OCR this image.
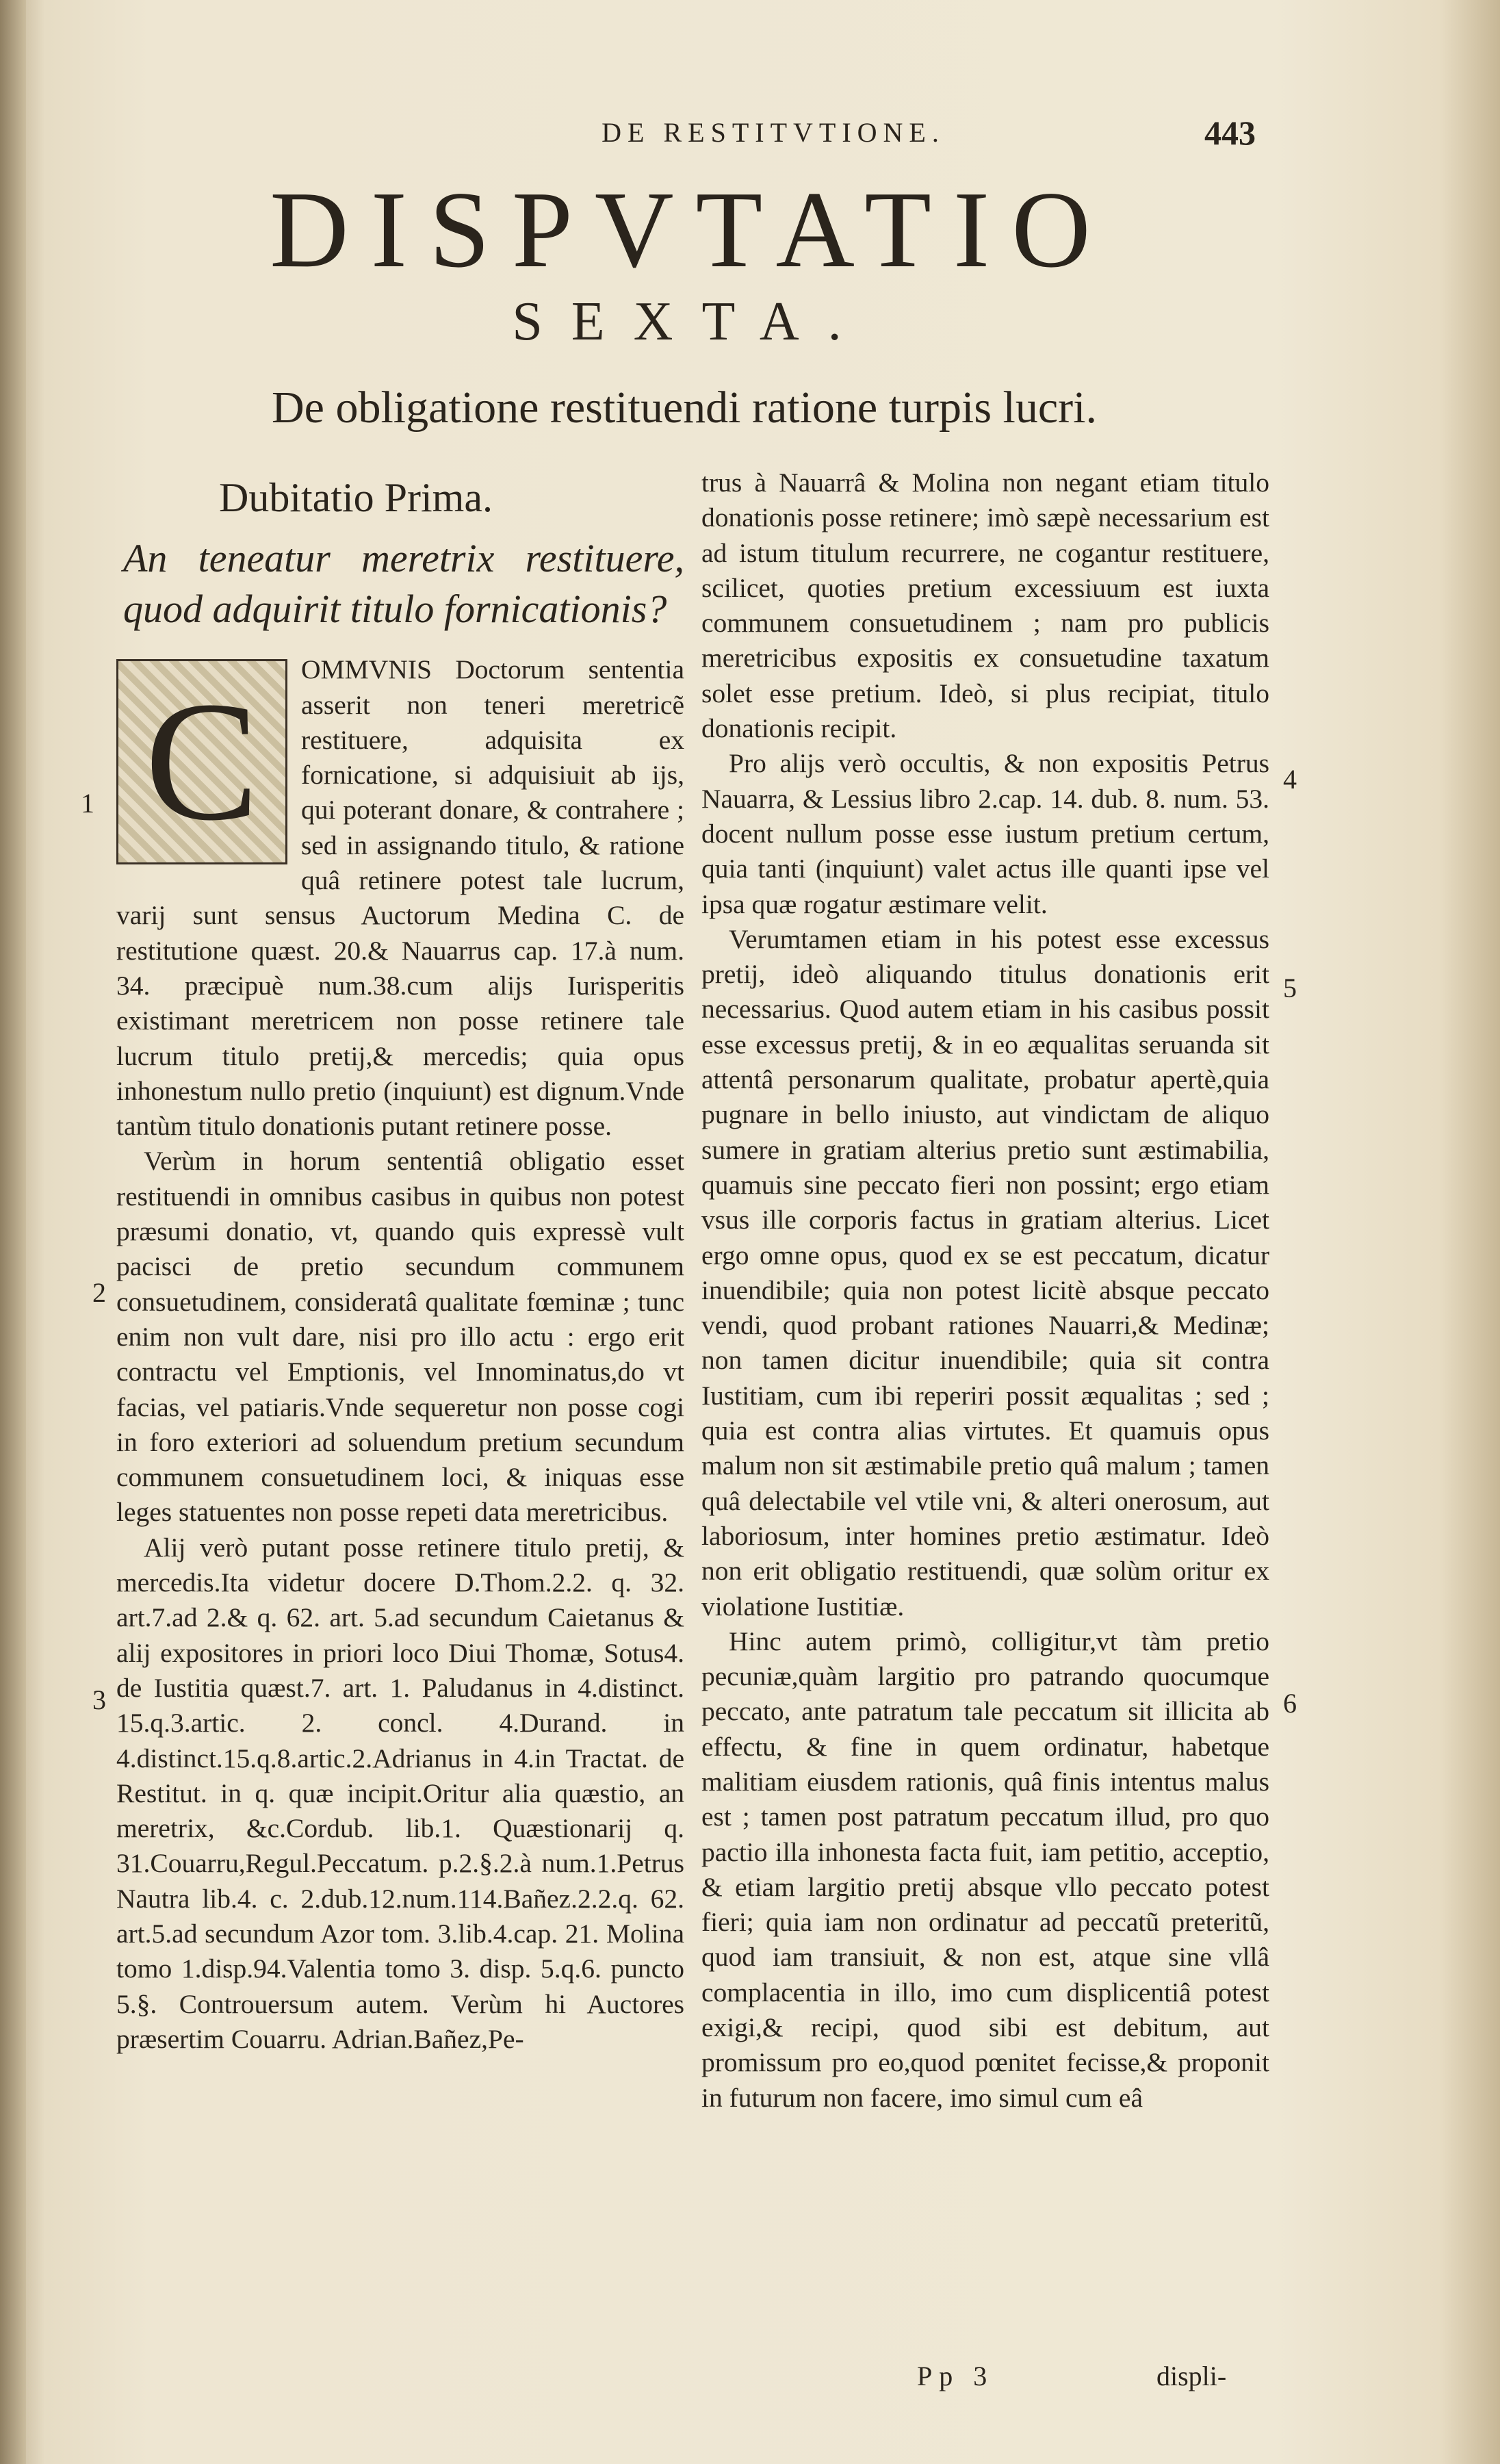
DE RESTITVTIONE.	443
DISPVTATIO
SEXTA.
De obligatione restituendi ratione turpis lucri.

Dubitatio Prima.

An teneatur meretrix restituere, quod adquirit titulo fornicationis?

C	OMMVNIS Doctorum sententia asserit non teneri meretricẽ restituere, adquisita ex fornicatione, si adquisiuit ab ijs, qui poterant donare, & contrahere ; sed in assignando titulo, & ratione quâ retinere potest tale lucrum, varij sunt sensus Auctorum Medina C. de restitutione quæst. 20.& Nauarrus cap. 17.à num. 34. præcipuè num.38.cum alijs Iurisperitis existimant meretricem non posse retinere tale lucrum titulo pretij,& mercedis; quia opus inhonestum nullo pretio (inquiunt) est dignum.Vnde tantùm titulo donationis putant retinere posse.

Verùm in horum sententiâ obligatio esset restituendi in omnibus casibus in quibus non potest præsumi donatio, vt, quando quis expressè vult pacisci de pretio secundum communem consuetudinem, consideratâ qualitate fœminæ ; tunc enim non vult dare, nisi pro illo actu : ergo erit contractu vel Emptionis, vel Innominatus,do vt facias, vel patiaris.Vnde sequeretur non posse cogi in foro exteriori ad soluendum pretium secundum communem consuetudinem loci, & iniquas esse leges statuentes non posse repeti data meretricibus.

Alij verò putant posse retinere titulo pretij, & mercedis.Ita videtur docere D.Thom.2.2. q. 32. art.7.ad 2.& q. 62. art. 5.ad secundum Caietanus & alij expositores in priori loco Diui Thomæ, Sotus4. de Iustitia quæst.7. art. 1. Paludanus in 4.distinct. 15.q.3.artic. 2. concl. 4.Durand. in 4.distinct.15.q.8.artic.2.Adrianus in 4.in Tractat. de Restitut. in q. quæ incipit.Oritur alia quæstio, an meretrix, &c.Cordub. lib.1. Quæstionarij q. 31.Couarru,Regul.Peccatum. p.2.§.2.à num.1.Petrus Nautra lib.4. c. 2.dub.12.num.114.Bañez.2.2.q. 62. art.5.ad secundum Azor tom. 3.lib.4.cap. 21. Molina tomo 1.disp.94.Valentia tomo 3. disp. 5.q.6. puncto 5.§. Controuersum autem. Verùm hi Auctores præsertim Couarru. Adrian.Bañez,Pe-

1
2
3

trus à Nauarrâ & Molina non negant etiam titulo donationis posse retinere; imò sæpè necessarium est ad istum titulum recurrere, ne cogantur restituere, scilicet, quoties pretium excessiuum est iuxta communem consuetudinem ; nam pro publicis meretricibus expositis ex consuetudine taxatum solet esse pretium. Ideò, si plus recipiat, titulo donationis recipit.

Pro alijs verò occultis, & non expositis Petrus Nauarra, & Lessius libro 2.cap. 14. dub. 8. num. 53. docent nullum posse esse iustum pretium certum, quia tanti (inquiunt) valet actus ille quanti ipse vel ipsa quæ rogatur æstimare velit.

Verumtamen etiam in his potest esse excessus pretij, ideò aliquando titulus donationis erit necessarius. Quod autem etiam in his casibus possit esse excessus pretij, & in eo æqualitas seruanda sit attentâ personarum qualitate, probatur apertè,quia pugnare in bello iniusto, aut vindictam de aliquo sumere in gratiam alterius pretio sunt æstimabilia, quamuis sine peccato fieri non possint; ergo etiam vsus ille corporis factus in gratiam alterius. Licet ergo omne opus, quod ex se est peccatum, dicatur inuendibile; quia non potest licitè absque peccato vendi, quod probant rationes Nauarri,& Medinæ; non tamen dicitur inuendibile; quia sit contra Iustitiam, cum ibi reperiri possit æqualitas ; sed ; quia est contra alias virtutes. Et quamuis opus malum non sit æstimabile pretio quâ malum ; tamen quâ delectabile vel vtile vni, & alteri onerosum, aut laboriosum, inter homines pretio æstimatur. Ideò non erit obligatio restituendi, quæ solùm oritur ex violatione Iustitiæ.

Hinc autem primò, colligitur,vt tàm pretio pecuniæ,quàm largitio pro patrando quocumque peccato, ante patratum tale peccatum sit illicita ab effectu, & fine in quem ordinatur, habetque malitiam eiusdem rationis, quâ finis intentus malus est ; tamen post patratum peccatum illud, pro quo pactio illa inhonesta facta fuit, iam petitio, acceptio, & etiam largitio pretij absque vllo peccato potest fieri; quia iam non ordinatur ad peccatũ preteritũ, quod iam transiuit, & non est, atque sine vllâ complacentia in illo, imo cum displicentiâ potest exigi,& recipi, quod sibi est debitum, aut promissum pro eo,quod pœnitet fecisse,& proponit in futurum non facere, imo simul cum eâ

4
5
6
Pp 3	displi-
